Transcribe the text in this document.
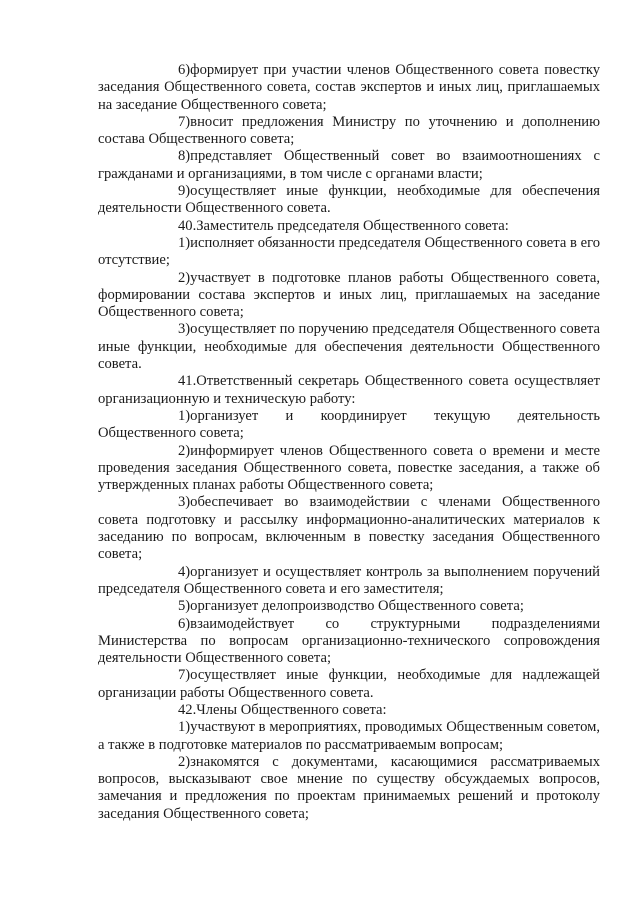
6)формирует при участии членов Общественного совета повестку заседания Общественного совета, состав экспертов и иных лиц, приглашаемых на заседание Общественного совета;

7)вносит предложения Министру по уточнению и дополнению состава Общественного совета;

8)представляет Общественный совет во взаимоотношениях с гражданами и организациями, в том числе с органами власти;

9)осуществляет иные функции, необходимые для обеспечения деятельности Общественного совета.

40.Заместитель председателя Общественного совета:

1)исполняет обязанности председателя Общественного совета в его отсутствие;

2)участвует в подготовке планов работы Общественного совета, формировании состава экспертов и иных лиц, приглашаемых на заседание Общественного совета;

3)осуществляет по поручению председателя Общественного совета иные функции, необходимые для обеспечения деятельности Общественного совета.

41.Ответственный секретарь Общественного совета осуществляет организационную и техническую работу:

1)организует и координирует текущую деятельность Общественного совета;

2)информирует членов Общественного совета о времени и месте проведения заседания Общественного совета, повестке заседания, а также об утвержденных планах работы Общественного совета;

3)обеспечивает во взаимодействии с членами Общественного совета подготовку и рассылку информационно-аналитических материалов к заседанию по вопросам, включенным в повестку заседания Общественного совета;

4)организует и осуществляет контроль за выполнением поручений председателя Общественного совета и его заместителя;

5)организует делопроизводство Общественного совета;

6)взаимодействует со структурными подразделениями Министерства по вопросам организационно-технического сопровождения деятельности Общественного совета;

7)осуществляет иные функции, необходимые для надлежащей организации работы Общественного совета.

42.Члены Общественного совета:

1)участвуют в мероприятиях, проводимых Общественным советом, а также в подготовке материалов по рассматриваемым вопросам;

2)знакомятся с документами, касающимися рассматриваемых вопросов, высказывают свое мнение по существу обсуждаемых вопросов, замечания и предложения по проектам принимаемых решений и протоколу заседания Общественного совета;
